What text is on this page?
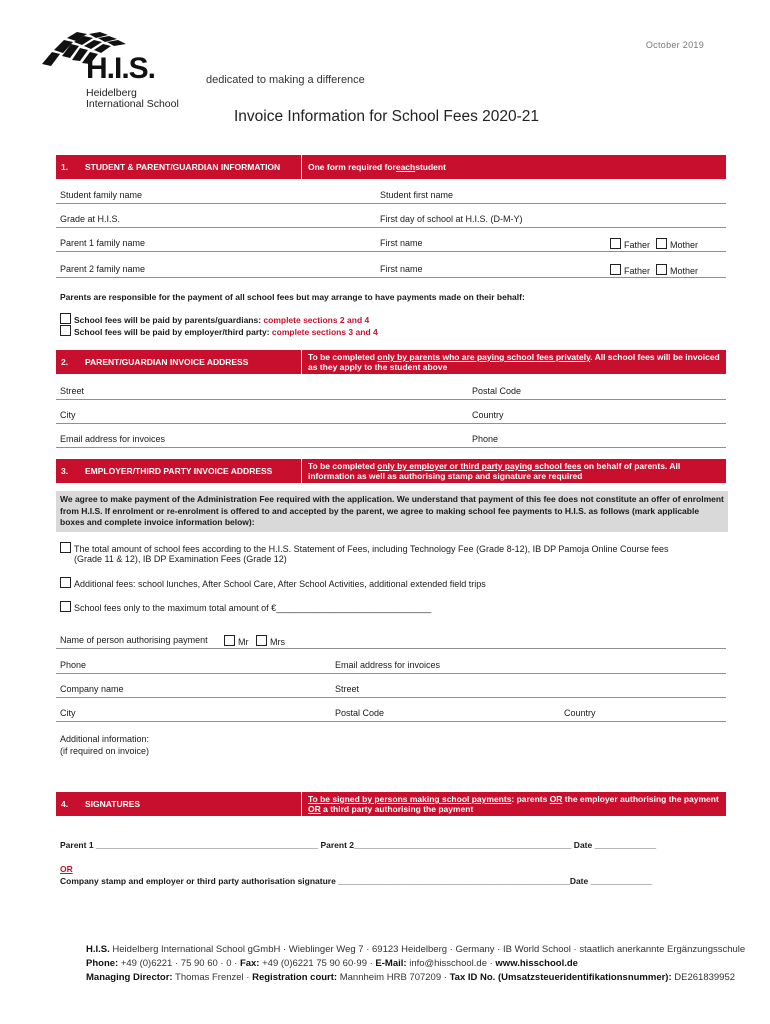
October 2019
H.I.S.
Heidelberg
International School
dedicated to making a difference
Invoice Information for School Fees 2020-21
1.	STUDENT & PARENT/GUARDIAN INFORMATION	One form required for each student
Student family name	Student first name
Grade at H.I.S.	First day of school at H.I.S. (D-M-Y)
Parent 1 family name	First name	Father	Mother
Parent 2 family name	First name	Father	Mother
Parents are responsible for the payment of all school fees but may arrange to have payments made on their behalf:
School fees will be paid by parents/guardians: complete sections 2 and 4
School fees will be paid by employer/third party: complete sections 3 and 4
2.	PARENT/GUARDIAN INVOICE ADDRESS	To be completed only by parents who are paying school fees privately. All school fees will be invoiced as they apply to the student above
Street	Postal Code
City	Country
Email address for invoices	Phone
3.	EMPLOYER/THIRD PARTY INVOICE ADDRESS	To be completed only by employer or third party paying school fees on behalf of parents. All information as well as authorising stamp and signature are required
We agree to make payment of the Administration Fee required with the application. We understand that payment of this fee does not constitute an offer of enrolment from H.I.S. If enrolment or re-enrolment is offered to and accepted by the parent, we agree to making school fee payments to H.I.S. as follows (mark applicable boxes and complete invoice information below):
The total amount of school fees according to the H.I.S. Statement of Fees, including Technology Fee (Grade 8-12), IB DP Pamoja Online Course fees
(Grade 11 & 12), IB DP Examination Fees (Grade 12)
Additional fees: school lunches, After School Care, After School Activities, additional extended field trips
School fees only to the maximum total amount of €_______________________________
Name of person authorising payment	Mr	Mrs
Phone	Email address for invoices
Company name	Street
City	Postal Code	Country
Additional information:
(if required on invoice)
4.	SIGNATURES	To be signed by persons making school payments: parents OR the employer authorising the payment OR a third party authorising the payment
Parent 1 _______________________________________________ Parent 2______________________________________________ Date _____________
OR
Company stamp and employer or third party authorisation signature _________________________________________________Date _____________
H.I.S. Heidelberg International School gGmbH · Wieblinger Weg 7 · 69123 Heidelberg · Germany · IB World School · staatlich anerkannte Ergänzungsschule
Phone: +49 (0)6221 · 75 90 60 · 0 · Fax: +49 (0)6221 75 90 60·99 · E-Mail: info@hisschool.de · www.hisschool.de
Managing Director: Thomas Frenzel · Registration court: Mannheim HRB 707209 · Tax ID No. (Umsatzsteueridentifikationsnummer): DE261839952
